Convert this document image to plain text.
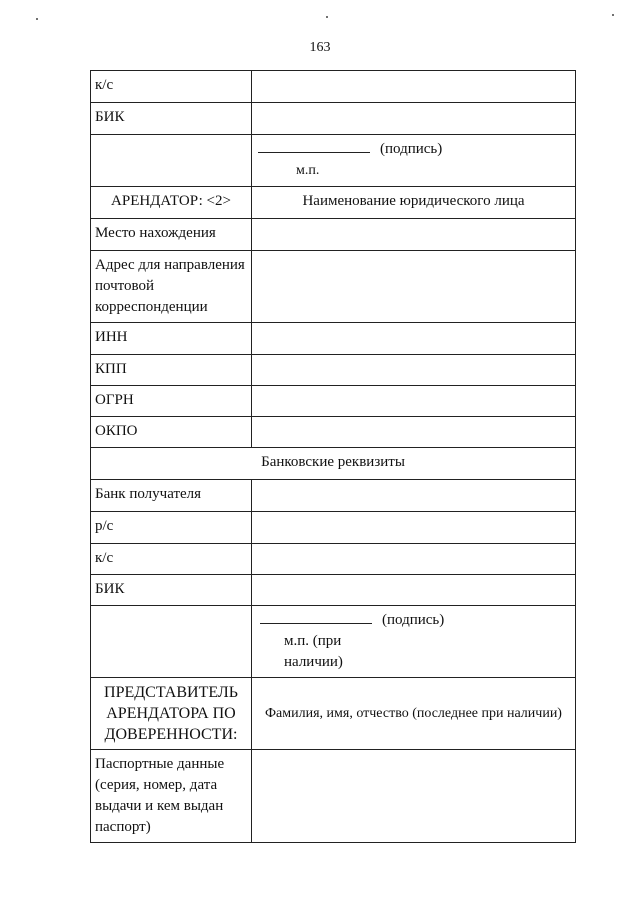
163
к/с	
БИК	

	(подпись)
м.п.

АРЕНДАТОР: <2>	Наименование юридического лица
Место нахождения	
Адрес для направления почтовой корреспонденции	
ИНН	
КПП	
ОГРН	
ОКПО	
Банковские реквизиты	
Банк получателя	
р/с	
к/с	
БИК	

	(подпись)
м.п. (при
наличии)

ПРЕДСТАВИТЕЛЬ АРЕНДАТОРА ПО ДОВЕРЕННОСТИ:	Фамилия, имя, отчество (последнее при наличии)
Паспортные данные (серия, номер, дата выдачи и кем выдан паспорт)	
